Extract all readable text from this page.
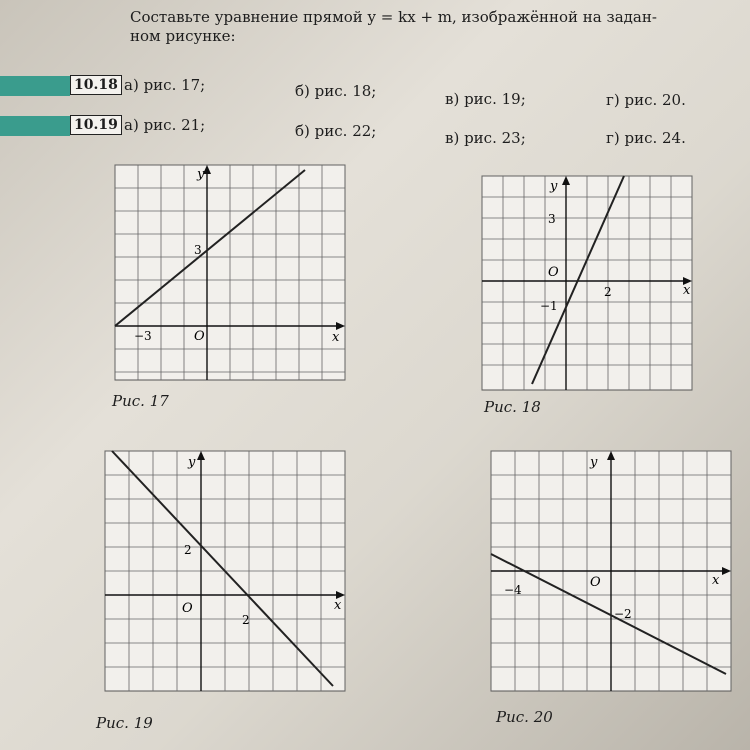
Составьте уравнение прямой y = kx + m, изображённой на задан-
ном рисунке:
10.18 а) рис. 17;	б) рис. 18;	в) рис. 19;	г) рис. 20.
10.19 а) рис. 21;	б) рис. 22;	в) рис. 23;	г) рис. 24.
y
x
O
3
−3
Рис. 17
y
x
O
3
−1
2
Рис. 18
y
x
O
2
2
Рис. 19
y
x
O
−4
−2
Рис. 20
